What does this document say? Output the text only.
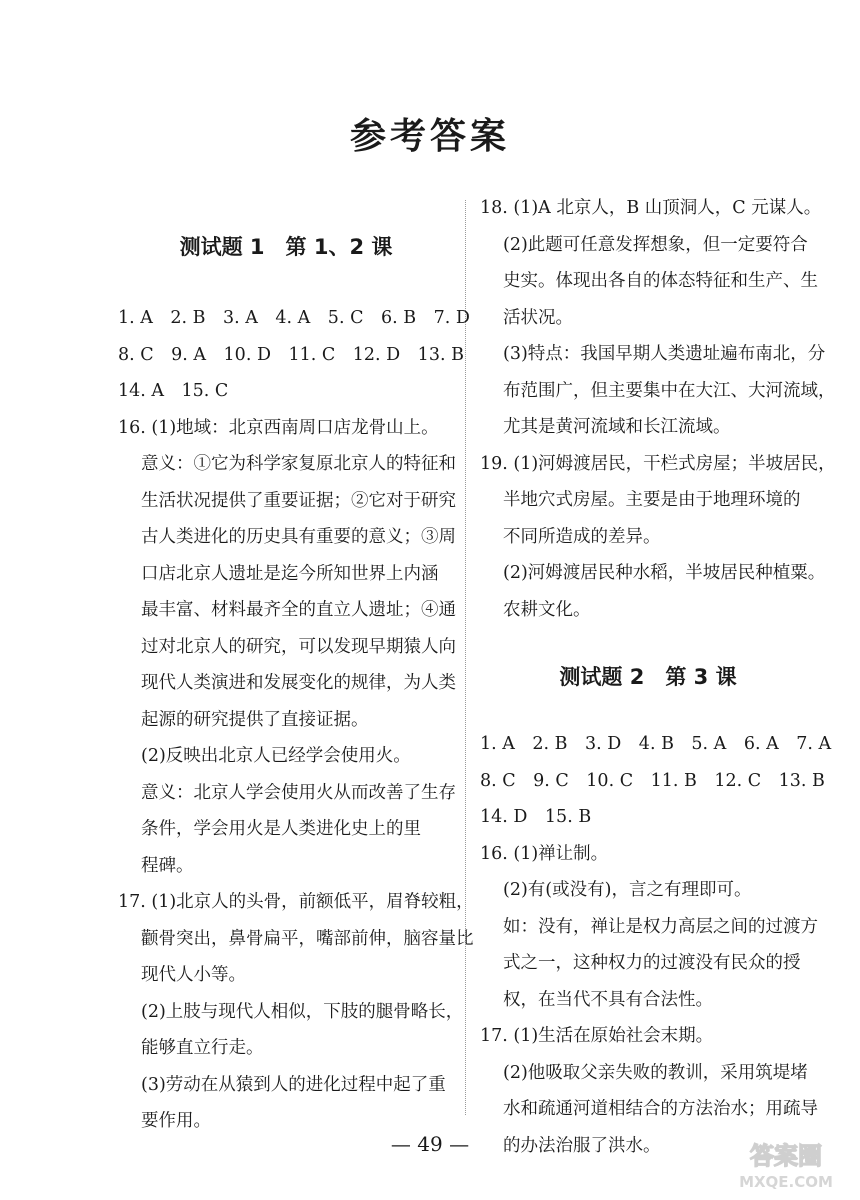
参考答案
测试题 1　第 1、2 课
1. A　2. B　3. A　4. A　5. C　6. B　7. D
8. C　9. A　10. D　11. C　12. D　13. B
14. A　15. C
16. (1)地域：北京西南周口店龙骨山上。
意义：①它为科学家复原北京人的特征和
生活状况提供了重要证据；②它对于研究
古人类进化的历史具有重要的意义；③周
口店北京人遗址是迄今所知世界上内涵
最丰富、材料最齐全的直立人遗址；④通
过对北京人的研究，可以发现早期猿人向
现代人类演进和发展变化的规律，为人类
起源的研究提供了直接证据。
(2)反映出北京人已经学会使用火。
意义：北京人学会使用火从而改善了生存
条件，学会用火是人类进化史上的里
程碑。
17. (1)北京人的头骨，前额低平，眉脊较粗，
颧骨突出，鼻骨扁平，嘴部前伸，脑容量比
现代人小等。
(2)上肢与现代人相似，下肢的腿骨略长，
能够直立行走。
(3)劳动在从猿到人的进化过程中起了重
要作用。
18. (1)A 北京人，B 山顶洞人，C 元谋人。
(2)此题可任意发挥想象，但一定要符合
史实。体现出各自的体态特征和生产、生
活状况。
(3)特点：我国早期人类遗址遍布南北，分
布范围广，但主要集中在大江、大河流域，
尤其是黄河流域和长江流域。
19. (1)河姆渡居民，干栏式房屋；半坡居民，
半地穴式房屋。主要是由于地理环境的
不同所造成的差异。
(2)河姆渡居民种水稻，半坡居民种植粟。
农耕文化。
测试题 2　第 3 课
1. A　2. B　3. D　4. B　5. A　6. A　7. A
8. C　9. C　10. C　11. B　12. C　13. B
14. D　15. B
16. (1)禅让制。
(2)有(或没有)，言之有理即可。
如：没有，禅让是权力高层之间的过渡方
式之一，这种权力的过渡没有民众的授
权，在当代不具有合法性。
17. (1)生活在原始社会末期。
(2)他吸取父亲失败的教训，采用筑堤堵
水和疏通河道相结合的方法治水；用疏导
的办法治服了洪水。
— 49 —	答案圈
MXQE.COM
